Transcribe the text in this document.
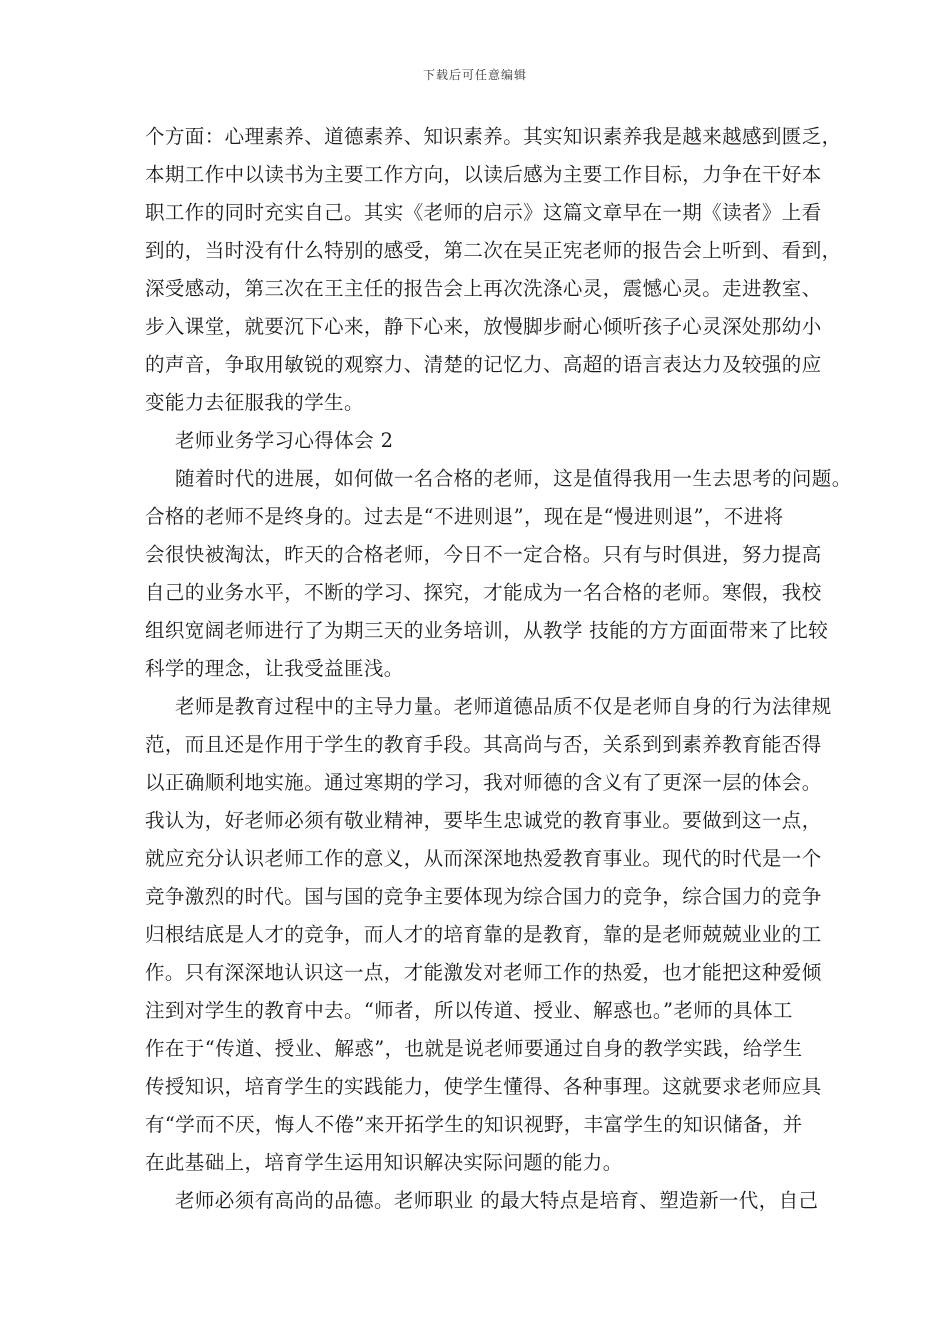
下载后可任意编辑
个方面：心理素养、道德素养、知识素养。其实知识素养我是越来越感到匮乏，
本期工作中以读书为主要工作方向，以读后感为主要工作目标，力争在干好本
职工作的同时充实自己。其实《老师的启示》这篇文章早在一期《读者》上看
到的，当时没有什么特别的感受，第二次在吴正宪老师的报告会上听到、看到，
深受感动，第三次在王主任的报告会上再次洗涤心灵，震憾心灵。走进教室、
步入课堂，就要沉下心来，静下心来，放慢脚步耐心倾听孩子心灵深处那幼小
的声音，争取用敏锐的观察力、清楚的记忆力、高超的语言表达力及较强的应
变能力去征服我的学生。
老师业务学习心得体会 2
随着时代的进展，如何做一名合格的老师，这是值得我用一生去思考的问题。
合格的老师不是终身的。过去是“不进则退”，现在是“慢进则退”，不进将
会很快被淘汰，昨天的合格老师，今日不一定合格。只有与时俱进，努力提高
自己的业务水平，不断的学习、探究，才能成为一名合格的老师。寒假，我校
组织宽阔老师进行了为期三天的业务培训，从教学 技能的方方面面带来了比较
科学的理念，让我受益匪浅。
老师是教育过程中的主导力量。老师道德品质不仅是老师自身的行为法律规
范，而且还是作用于学生的教育手段。其高尚与否，关系到到素养教育能否得
以正确顺利地实施。通过寒期的学习，我对师德的含义有了更深一层的体会。
我认为，好老师必须有敬业精神，要毕生忠诚党的教育事业。要做到这一点，
就应充分认识老师工作的意义，从而深深地热爱教育事业。现代的时代是一个
竞争激烈的时代。国与国的竞争主要体现为综合国力的竞争，综合国力的竞争
归根结底是人才的竞争，而人才的培育靠的是教育，靠的是老师兢兢业业的工
作。只有深深地认识这一点，才能激发对老师工作的热爱，也才能把这种爱倾
注到对学生的教育中去。“师者，所以传道、授业、解惑也。”老师的具体工
作在于“传道、授业、解惑”，也就是说老师要通过自身的教学实践，给学生
传授知识，培育学生的实践能力，使学生懂得、各种事理。这就要求老师应具
有“学而不厌，悔人不倦”来开拓学生的知识视野，丰富学生的知识储备，并
在此基础上，培育学生运用知识解决实际问题的能力。
老师必须有高尚的品德。老师职业 的最大特点是培育、塑造新一代，自己
